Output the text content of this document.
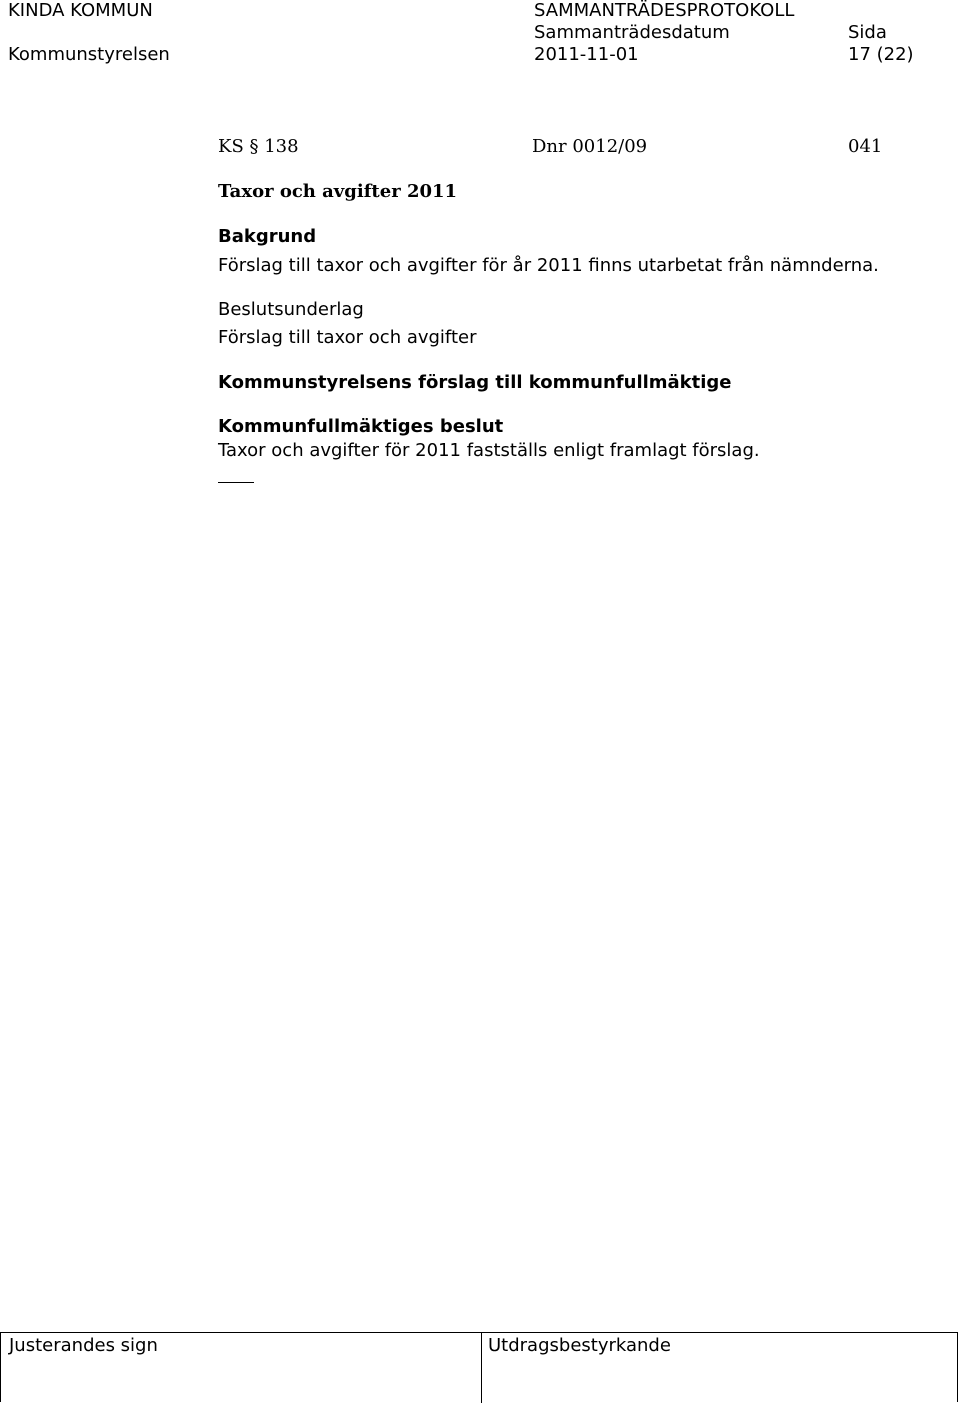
KINDA KOMMUN
Kommunstyrelsen
SAMMANTRÄDESPROTOKOLL
Sammanträdesdatum
2011-11-01
Sida
17 (22)
KS § 138	Dnr 0012/09	041
Taxor och avgifter 2011
Bakgrund
Förslag till taxor och avgifter för år 2011 finns utarbetat från nämnderna.
Beslutsunderlag
Förslag till taxor och avgifter
Kommunstyrelsens förslag till kommunfullmäktige
Kommunfullmäktiges beslut
Taxor och avgifter för 2011 fastställs enligt framlagt förslag.
Justerandes sign	Utdragsbestyrkande
